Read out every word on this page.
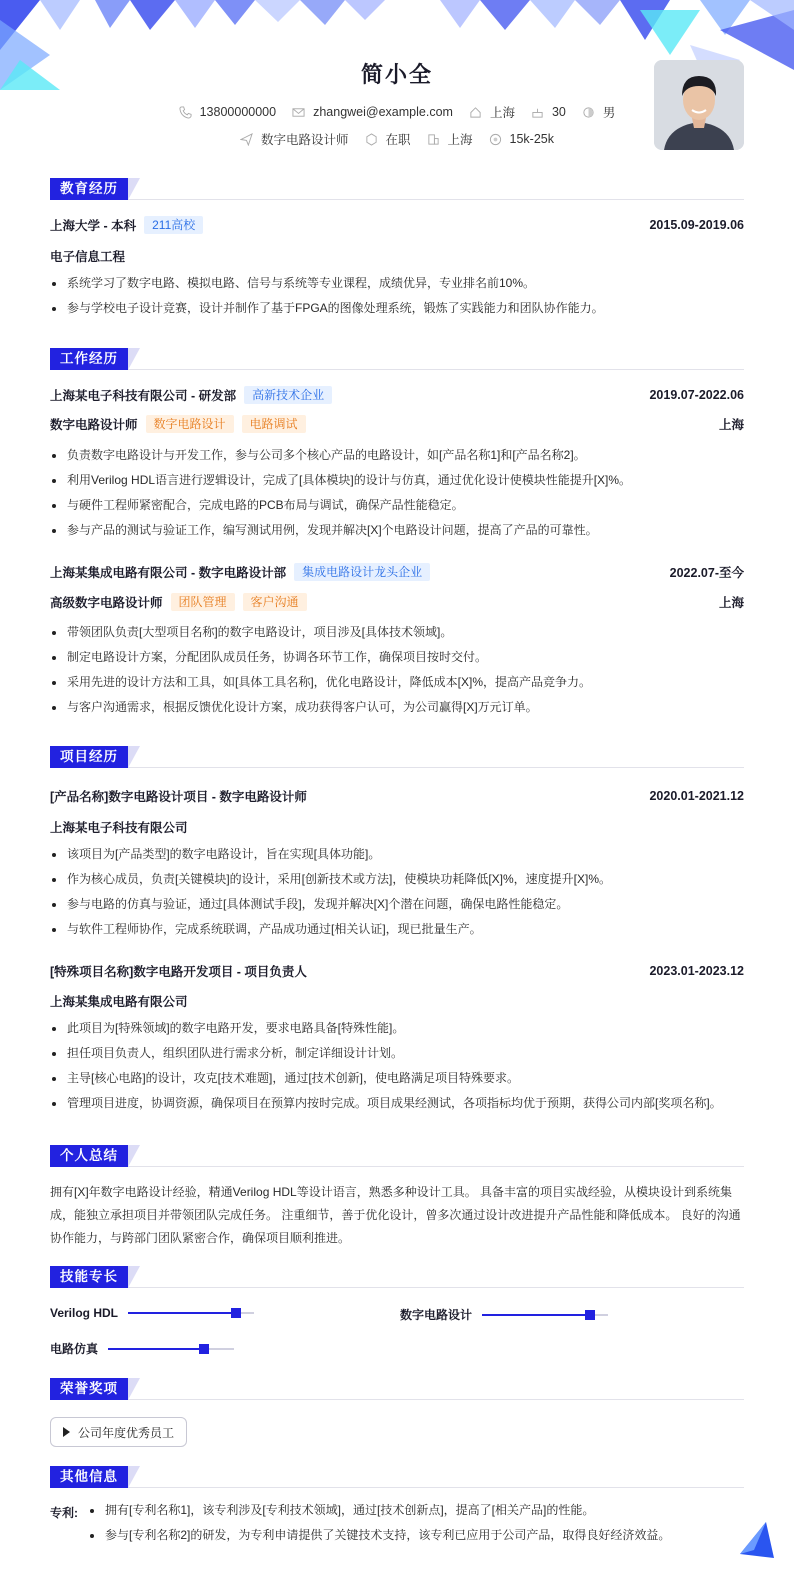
简小全
13800000000	zhangwei@example.com	上海	30	男
数字电路设计师	在职	上海	15k-25k
教育经历
上海大学 - 本科	211高校	2015.09-2019.06
电子信息工程
系统学习了数字电路、模拟电路、信号与系统等专业课程，成绩优异，专业排名前10%。
参与学校电子设计竞赛，设计并制作了基于FPGA的图像处理系统，锻炼了实践能力和团队协作能力。
工作经历
上海某电子科技有限公司 - 研发部	高新技术企业	2019.07-2022.06
数字电路设计师	数字电路设计	电路调试	上海
负责数字电路设计与开发工作，参与公司多个核心产品的电路设计，如[产品名称1]和[产品名称2]。
利用Verilog HDL语言进行逻辑设计，完成了[具体模块]的设计与仿真，通过优化设计使模块性能提升[X]%。
与硬件工程师紧密配合，完成电路的PCB布局与调试，确保产品性能稳定。
参与产品的测试与验证工作，编写测试用例，发现并解决[X]个电路设计问题，提高了产品的可靠性。
上海某集成电路有限公司 - 数字电路设计部	集成电路设计龙头企业	2022.07-至今
高级数字电路设计师	团队管理	客户沟通	上海
带领团队负责[大型项目名称]的数字电路设计，项目涉及[具体技术领域]。
制定电路设计方案，分配团队成员任务，协调各环节工作，确保项目按时交付。
采用先进的设计方法和工具，如[具体工具名称]，优化电路设计，降低成本[X]%，提高产品竞争力。
与客户沟通需求，根据反馈优化设计方案，成功获得客户认可，为公司赢得[X]万元订单。
项目经历
[产品名称]数字电路设计项目 - 数字电路设计师	2020.01-2021.12
上海某电子科技有限公司
该项目为[产品类型]的数字电路设计，旨在实现[具体功能]。
作为核心成员，负责[关键模块]的设计，采用[创新技术或方法]，使模块功耗降低[X]%，速度提升[X]%。
参与电路的仿真与验证，通过[具体测试手段]，发现并解决[X]个潜在问题，确保电路性能稳定。
与软件工程师协作，完成系统联调，产品成功通过[相关认证]，现已批量生产。
[特殊项目名称]数字电路开发项目 - 项目负责人	2023.01-2023.12
上海某集成电路有限公司
此项目为[特殊领域]的数字电路开发，要求电路具备[特殊性能]。
担任项目负责人，组织团队进行需求分析，制定详细设计计划。
主导[核心电路]的设计，攻克[技术难题]，通过[技术创新]，使电路满足项目特殊要求。
管理项目进度，协调资源，确保项目在预算内按时完成。项目成果经测试，各项指标均优于预期，获得公司内部[奖项名称]。
个人总结
拥有[X]年数字电路设计经验，精通Verilog HDL等设计语言，熟悉多种设计工具。 具备丰富的项目实战经验，从模块设计到系统集
成，能独立承担项目并带领团队完成任务。 注重细节，善于优化设计，曾多次通过设计改进提升产品性能和降低成本。 良好的沟通
协作能力，与跨部门团队紧密合作，确保项目顺利推进。
技能专长
Verilog HDL	数字电路设计
电路仿真
荣誉奖项
公司年度优秀员工
其他信息
专利:	拥有[专利名称1]，该专利涉及[专利技术领域]，通过[技术创新点]，提高了[相关产品]的性能。
参与[专利名称2]的研发，为专利申请提供了关键技术支持，该专利已应用于公司产品，取得良好经济效益。
